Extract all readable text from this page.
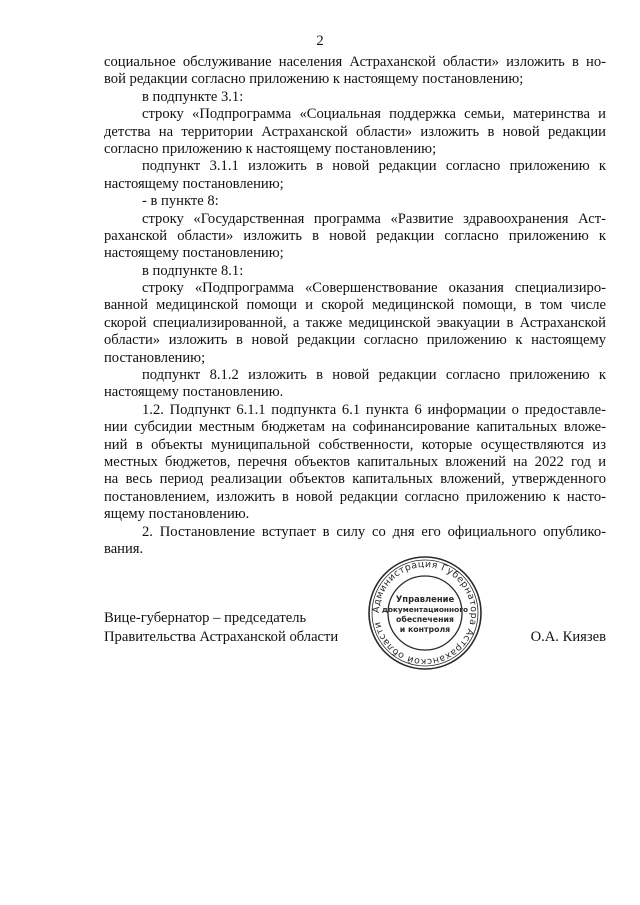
2
социальное обслуживание населения Астраханской области» изложить в но-
вой редакции согласно приложению к настоящему постановлению;
в подпункте 3.1:
строку «Подпрограмма «Социальная поддержка семьи, материнства и
детства на территории Астраханской области» изложить в новой редакции
согласно приложению к настоящему постановлению;
подпункт 3.1.1 изложить в новой редакции согласно приложению к
настоящему постановлению;
- в пункте 8:
строку «Государственная программа «Развитие здравоохранения Аст-
раханской области» изложить в новой редакции согласно приложению к
настоящему постановлению;
в подпункте 8.1:
строку «Подпрограмма «Совершенствование оказания специализиро-
ванной медицинской помощи и скорой медицинской помощи, в том числе
скорой специализированной, а также медицинской эвакуации в Астраханской
области» изложить в новой редакции согласно приложению к настоящему
постановлению;
подпункт 8.1.2 изложить в новой редакции согласно приложению к
настоящему постановлению.
1.2. Подпункт 6.1.1 подпункта 6.1 пункта 6 информации о предоставле-
нии субсидии местным бюджетам на софинансирование капитальных вложе-
ний в объекты муниципальной собственности, которые осуществляются из
местных бюджетов, перечня объектов капитальных вложений на 2022 год и
на весь период реализации объектов капитальных вложений, утвержденного
постановлением, изложить в новой редакции согласно приложению к насто-
ящему постановлению.
2. Постановление вступает в силу со дня его официального опублико-
вания.
Администрация Губернатора Астраханской области
Управление
документационного
обеспечения
и контроля
Вице-губернатор – председатель
Правительства Астраханской области	О.А. Киязев
